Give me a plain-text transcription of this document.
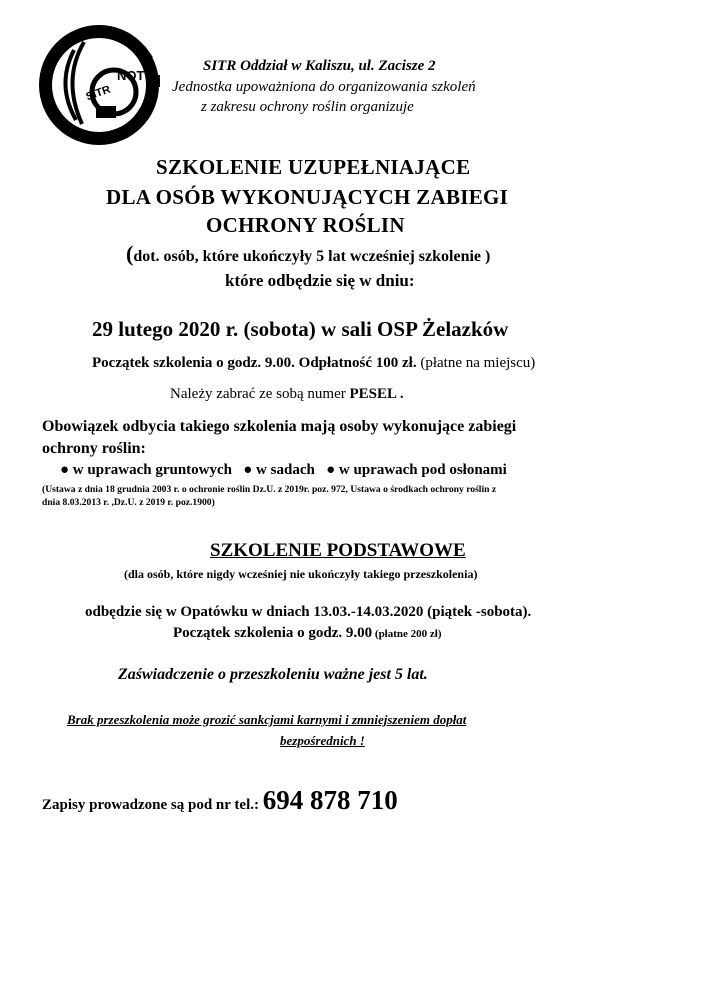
NOT
SITR
SITR Oddział w Kaliszu, ul. Zacisze 2
Jednostka upoważniona do organizowania szkoleń
z zakresu ochrony roślin organizuje
SZKOLENIE UZUPEŁNIAJĄCE
DLA OSÓB WYKONUJĄCYCH ZABIEGI
OCHRONY ROŚLIN
(dot. osób, które ukończyły 5 lat wcześniej szkolenie )
które odbędzie się w dniu:
29 lutego 2020 r. (sobota) w sali OSP Żelazków
Początek szkolenia o godz. 9.00. Odpłatność 100 zł. (płatne na miejscu)
Należy zabrać ze sobą numer PESEL .
Obowiązek odbycia takiego szkolenia mają osoby wykonujące zabiegi
ochrony roślin:
● w uprawach gruntowych ● w sadach ● w uprawach pod osłonami
(Ustawa z dnia 18 grudnia 2003 r. o ochronie roślin Dz.U. z 2019r. poz. 972, Ustawa o środkach ochrony roślin z
dnia 8.03.2013 r. ,Dz.U. z 2019 r. poz.1900)
SZKOLENIE PODSTAWOWE
(dla osób, które nigdy wcześniej nie ukończyły takiego przeszkolenia)
odbędzie się w Opatówku w dniach 13.03.-14.03.2020 (piątek -sobota).
Początek szkolenia o godz. 9.00 (płatne 200 zł)
Zaświadczenie o przeszkoleniu ważne jest 5 lat.
Brak przeszkolenia może grozić sankcjami karnymi i zmniejszeniem dopłat
bezpośrednich !
Zapisy prowadzone są pod nr tel.: 694 878 710
